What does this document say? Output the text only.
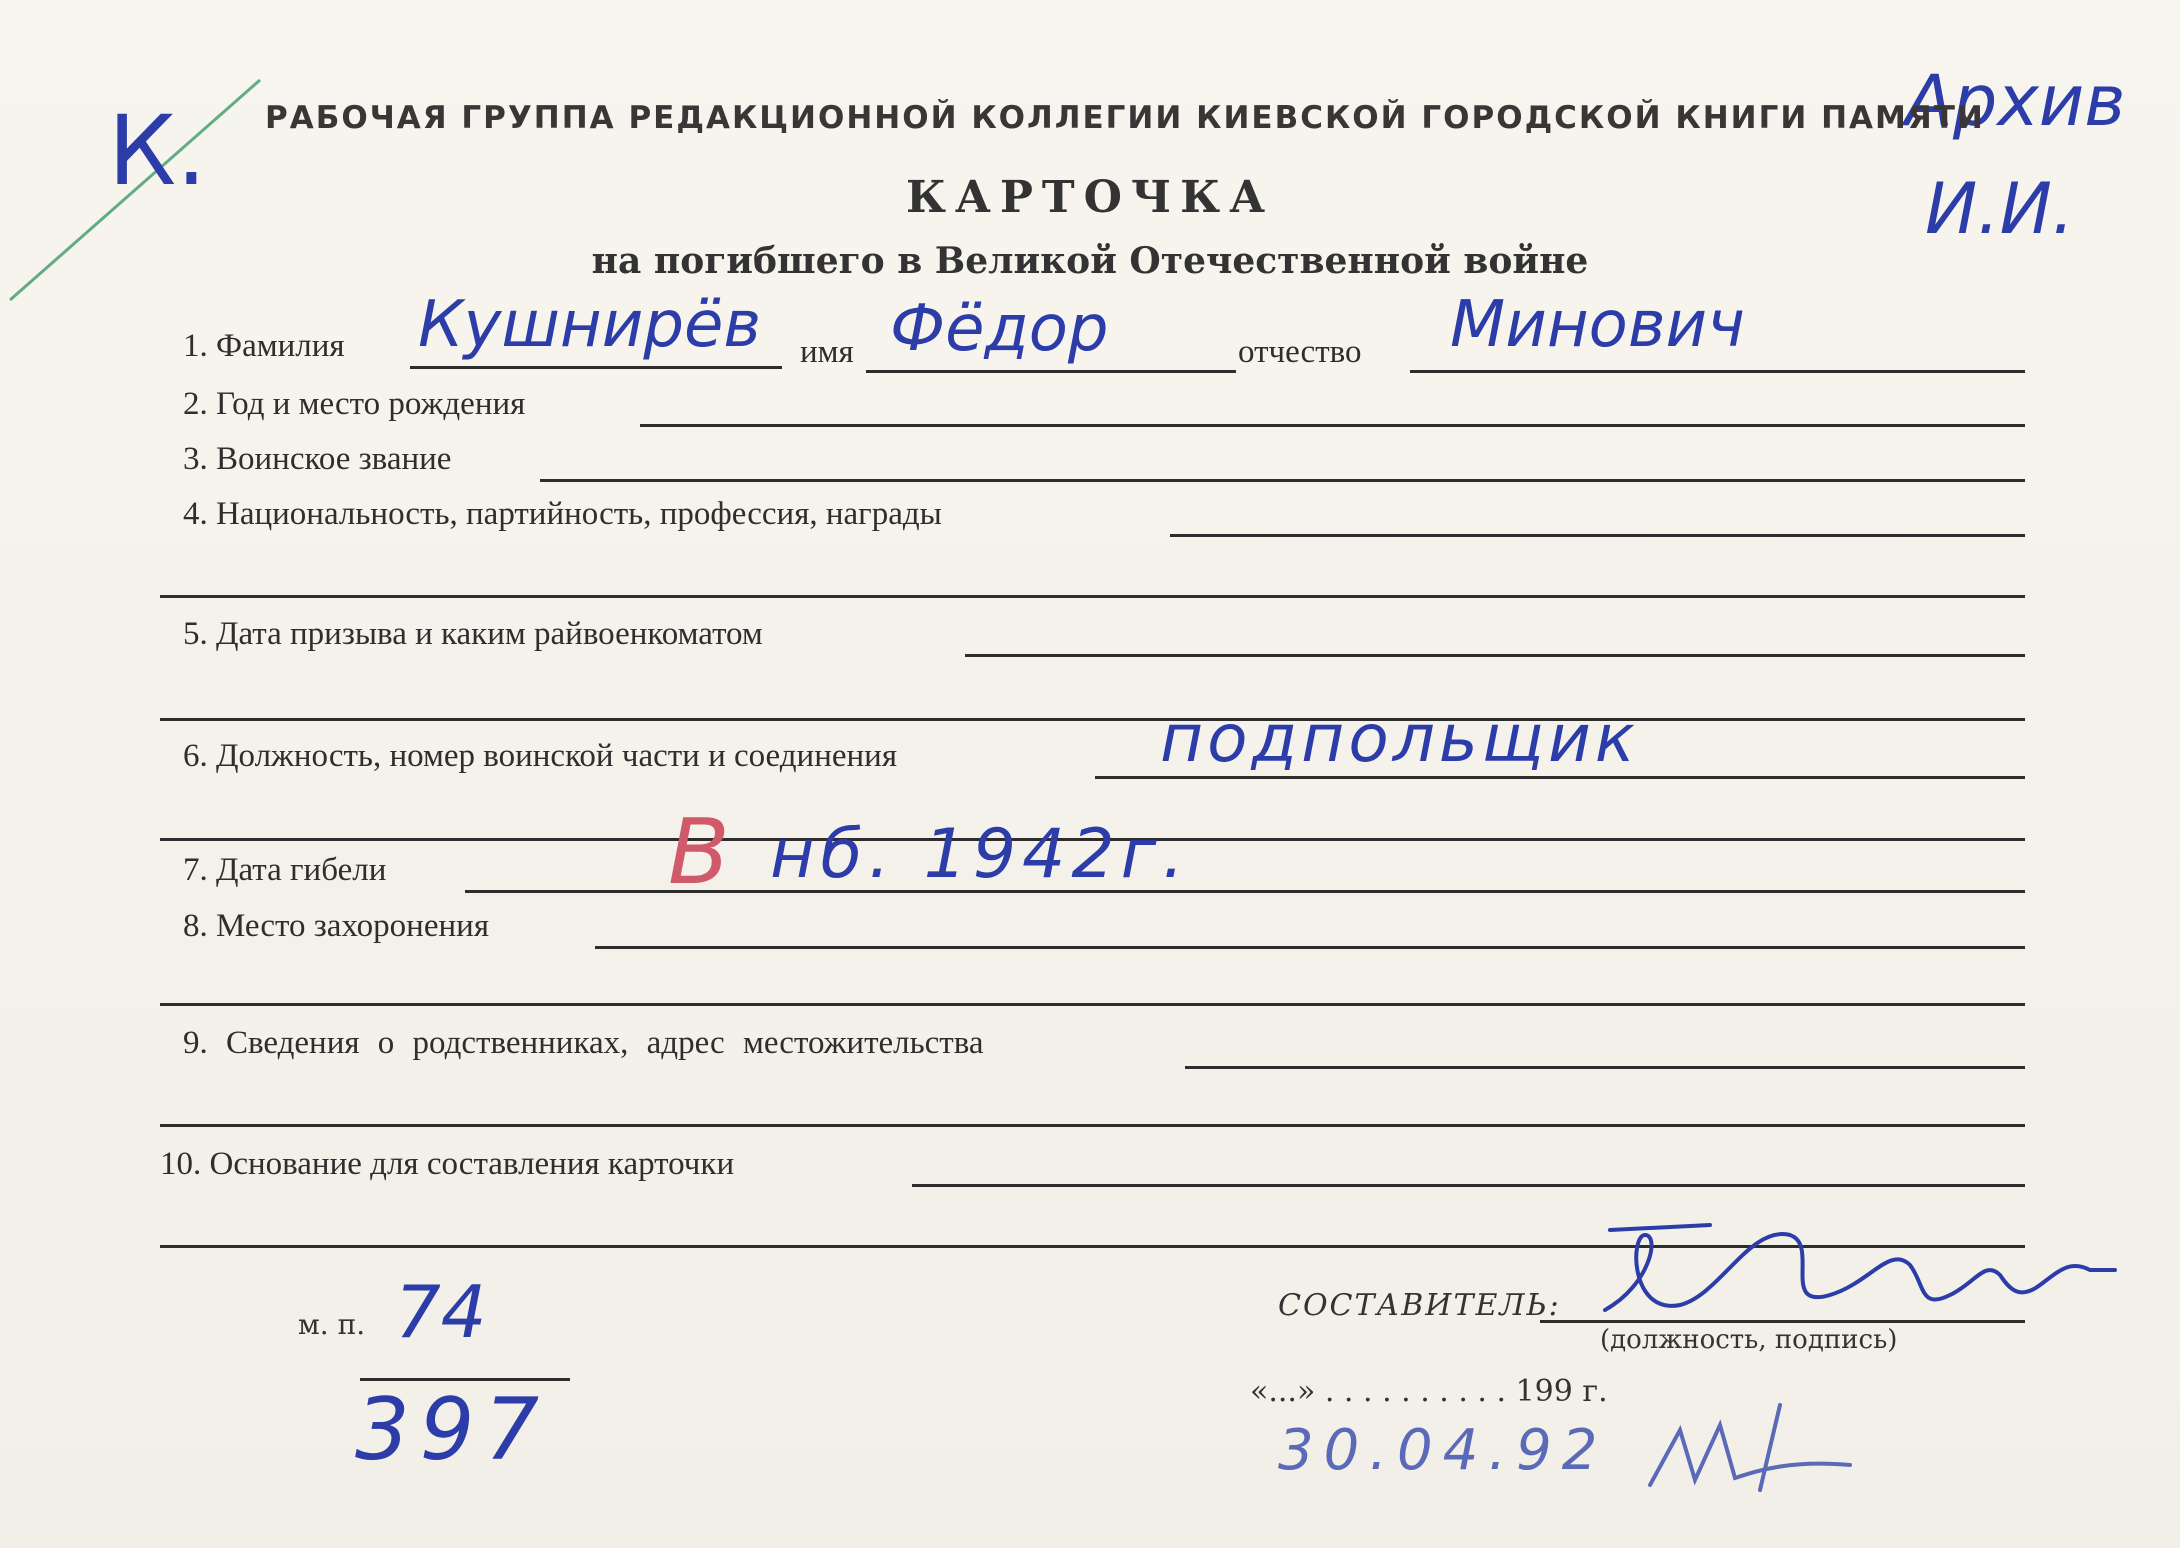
К.	Архив
И.И.
РАБОЧАЯ ГРУППА РЕДАКЦИОННОЙ КОЛЛЕГИИ КИЕВСКОЙ ГОРОДСКОЙ КНИГИ ПАМЯТИ
КАРТОЧКА
на погибшего в Великой Отечественной войне
1. Фамилия Кушнирёв имя Фёдор	отчество Минович
2. Год и место рождения
3. Воинское звание
4. Национальность, партийность, профессия, награды
5. Дата призыва и каким райвоенкоматом
6. Должность, номер воинской части и соединения	подпольщик
7. Дата гибели	В нб. 1942г.
8. Место захоронения
9. Сведения о родственниках, адрес местожительства
10. Основание для составления карточки
м. п. 74
397
СОСТАВИТЕЛЬ:
(должность, подпись)
«...» . . . . . . . . . . 199 г.
30.04.92
